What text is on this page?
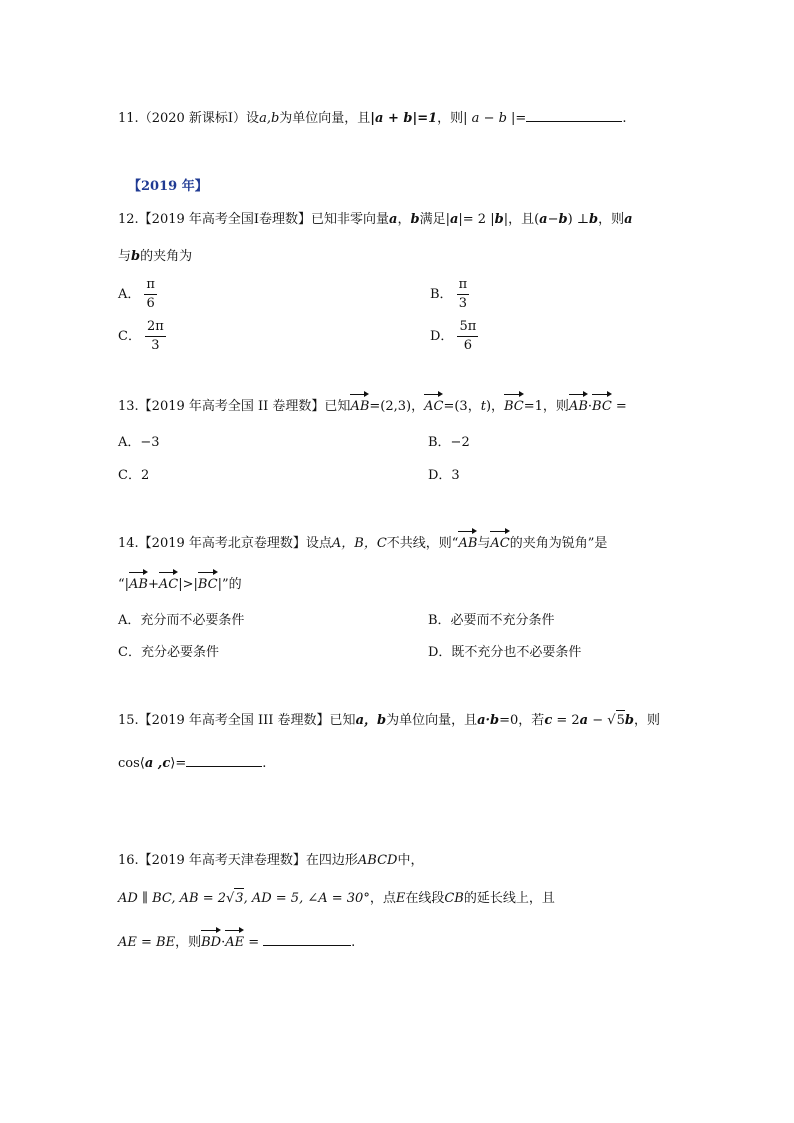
11.（2020 新课标Ⅰ）设a,b为单位向量，且|a + b|=1，则| a − b |=	.
【2019 年】
12.【2019 年高考全国Ⅰ卷理数】已知非零向量a，b满足|a|= 2 |b|，且(a−b) ⊥b，则a
与b的夹角为
A． $\frac{\pi}{6}$	B． $\frac{\pi}{3}$
C． $\frac{2\pi}{3}$	D． $\frac{5\pi}{6}$
13.【2019 年高考全国 II 卷理数】已知AB=(2,3)，AC=(3，t)，BC=1，则AB·BC =
A．−3	B．−2
C．2	D．3
14.【2019 年高考北京卷理数】设点A，B，C不共线，则“AB与AC的夹角为锐角”是
“|AB+AC|>|BC|”的
A．充分而不必要条件	B．必要而不充分条件
C．充分必要条件	D．既不充分也不必要条件
15.【2019 年高考全国 III 卷理数】已知a，b为单位向量，且a·b=0，若c = 2a − √5b，则
cos⟨a ,c⟩=	.
16.【2019 年高考天津卷理数】在四边形ABCD中，
AD ∥ BC, AB = 2√3, AD = 5, ∠A = 30°，点E在线段CB的延长线上，且
AE = BE，则BD·AE =	.
